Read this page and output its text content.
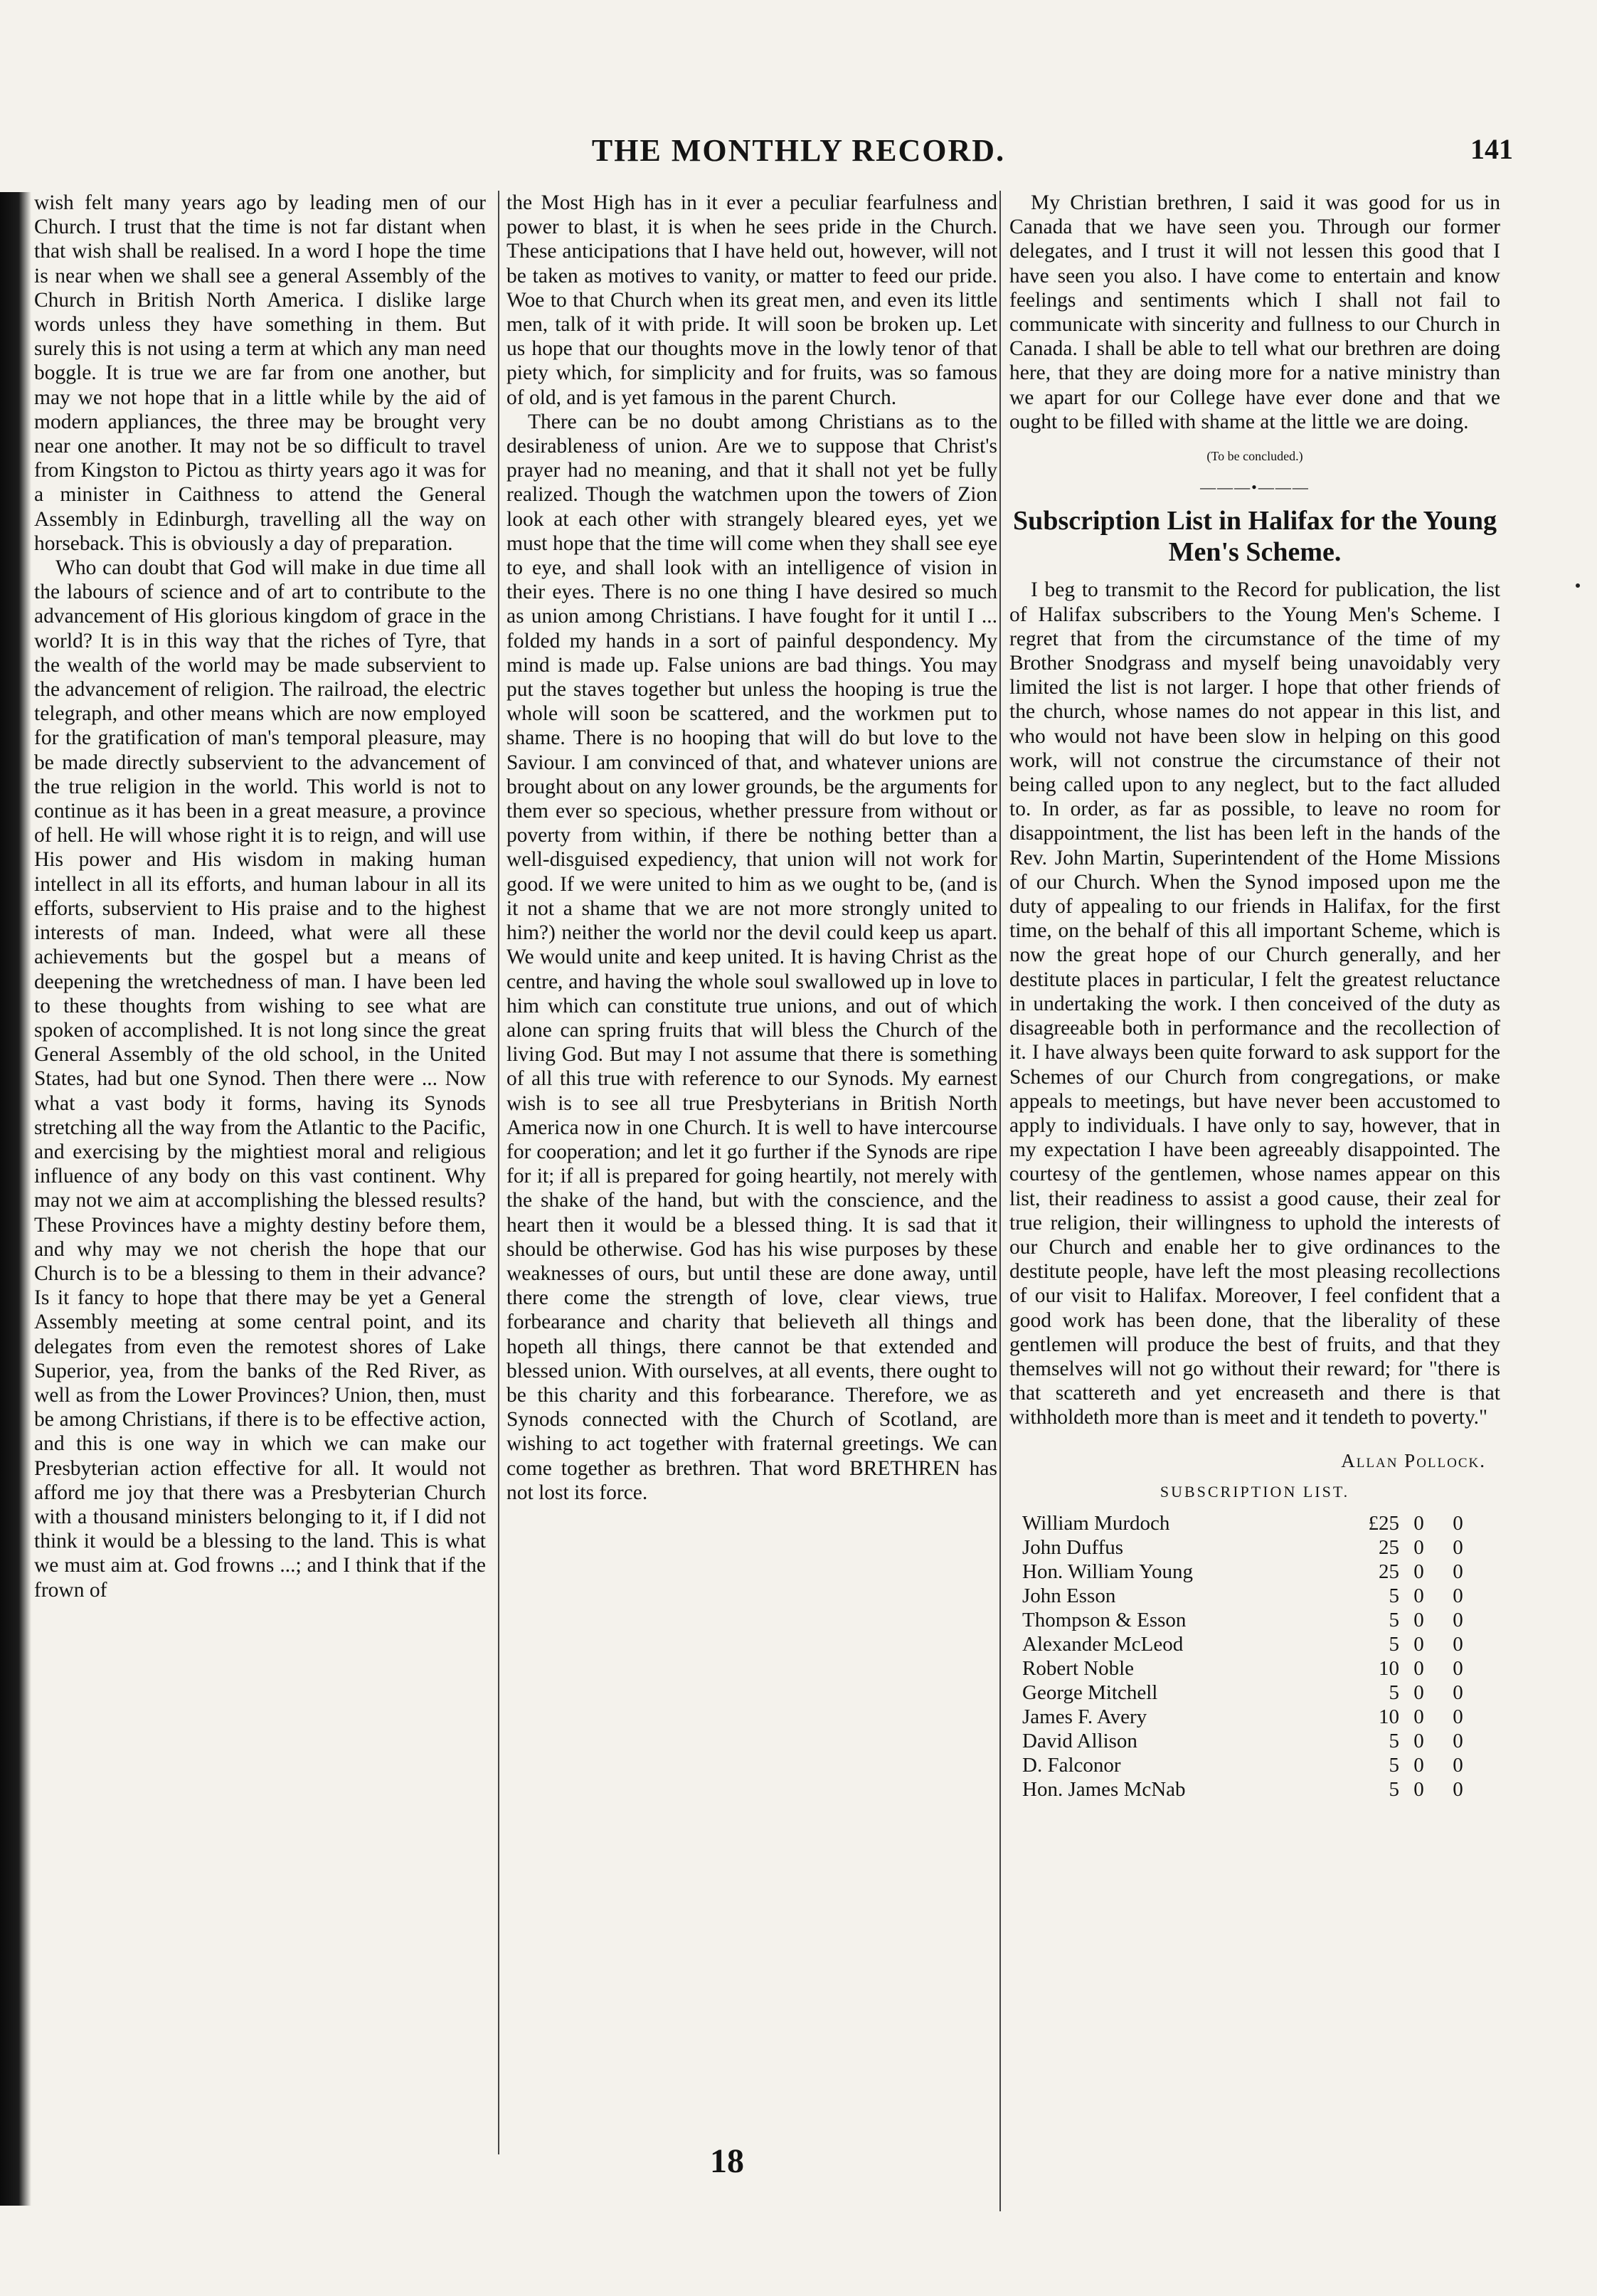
THE MONTHLY RECORD.	141

wish felt many years ago by leading men of our Church. I trust that the time is not far distant when that wish shall be realised. In a word I hope the time is near when we shall see a general Assembly of the Church in British North America. I dislike large words unless they have something in them. But surely this is not using a term at which any man need boggle. It is true we are far from one another, but may we not hope that in a little while by the aid of modern appliances, the three may be brought very near one another. It may not be so difficult to travel from Kingston to Pictou as thirty years ago it was for a minister in Caithness to attend the General Assembly in Edinburgh, travelling all the way on horseback. This is obviously a day of preparation.

Who can doubt that God will make in due time all the labours of science and of art to contribute to the advancement of His glorious kingdom of grace in the world? It is in this way that the riches of Tyre, that the wealth of the world may be made subservient to the advancement of religion. The railroad, the electric telegraph, and other means which are now employed for the gratification of man's temporal pleasure, may be made directly subservient to the advancement of the true religion in the world. This world is not to continue as it has been in a great measure, a province of hell. He will whose right it is to reign, and will use His power and His wisdom in making human intellect in all its efforts, and human labour in all its efforts, subservient to His praise and to the highest interests of man. Indeed, what were all these achievements but the gospel but a means of deepening the wretchedness of man. I have been led to these thoughts from wishing to see what are spoken of accomplished. It is not long since the great General Assembly of the old school, in the United States, had but one Synod. Then there were ... Now what a vast body it forms, having its Synods stretching all the way from the Atlantic to the Pacific, and exercising by the mightiest moral and religious influence of any body on this vast continent. Why may not we aim at accomplishing the blessed results? These Provinces have a mighty destiny before them, and why may we not cherish the hope that our Church is to be a blessing to them in their advance? Is it fancy to hope that there may be yet a General Assembly meeting at some central point, and its delegates from even the remotest shores of Lake Superior, yea, from the banks of the Red River, as well as from the Lower Provinces? Union, then, must be among Christians, if there is to be effective action, and this is one way in which we can make our Presbyterian action effective for all. It would not afford me joy that there was a Presbyterian Church with a thousand ministers belonging to it, if I did not think it would be a blessing to the land. This is what we must aim at. God frowns ...; and I think that if the frown of

the Most High has in it ever a peculiar fearfulness and power to blast, it is when he sees pride in the Church. These anticipations that I have held out, however, will not be taken as motives to vanity, or matter to feed our pride. Woe to that Church when its great men, and even its little men, talk of it with pride. It will soon be broken up. Let us hope that our thoughts move in the lowly tenor of that piety which, for simplicity and for fruits, was so famous of old, and is yet famous in the parent Church.

There can be no doubt among Christians as to the desirableness of union. Are we to suppose that Christ's prayer had no meaning, and that it shall not yet be fully realized. Though the watchmen upon the towers of Zion look at each other with strangely bleared eyes, yet we must hope that the time will come when they shall see eye to eye, and shall look with an intelligence of vision in their eyes. There is no one thing I have desired so much as union among Christians. I have fought for it until I ... folded my hands in a sort of painful despondency. My mind is made up. False unions are bad things. You may put the staves together but unless the hooping is true the whole will soon be scattered, and the workmen put to shame. There is no hooping that will do but love to the Saviour. I am convinced of that, and whatever unions are brought about on any lower grounds, be the arguments for them ever so specious, whether pressure from without or poverty from within, if there be nothing better than a well-disguised expediency, that union will not work for good. If we were united to him as we ought to be, (and is it not a shame that we are not more strongly united to him?) neither the world nor the devil could keep us apart. We would unite and keep united. It is having Christ as the centre, and having the whole soul swallowed up in love to him which can constitute true unions, and out of which alone can spring fruits that will bless the Church of the living God. But may I not assume that there is something of all this true with reference to our Synods. My earnest wish is to see all true Presbyterians in British North America now in one Church. It is well to have intercourse for cooperation; and let it go further if the Synods are ripe for it; if all is prepared for going heartily, not merely with the shake of the hand, but with the conscience, and the heart then it would be a blessed thing. It is sad that it should be otherwise. God has his wise purposes by these weaknesses of ours, but until these are done away, until there come the strength of love, clear views, true forbearance and charity that believeth all things and hopeth all things, there cannot be that extended and blessed union. With ourselves, at all events, there ought to be this charity and this forbearance. Therefore, we as Synods connected with the Church of Scotland, are wishing to act together with fraternal greetings. We can come together as brethren. That word BRETHREN has not lost its force.

My Christian brethren, I said it was good for us in Canada that we have seen you. Through our former delegates, and I trust it will not lessen this good that I have seen you also. I have come to entertain and know feelings and sentiments which I shall not fail to communicate with sincerity and fullness to our Church in Canada. I shall be able to tell what our brethren are doing here, that they are doing more for a native ministry than we apart for our College have ever done and that we ought to be filled with shame at the little we are doing.

(To be concluded.)
———•———
Subscription List in Halifax for the Young Men's Scheme.

I beg to transmit to the Record for publication, the list of Halifax subscribers to the Young Men's Scheme. I regret that from the circumstance of the time of my Brother Snodgrass and myself being unavoidably very limited the list is not larger. I hope that other friends of the church, whose names do not appear in this list, and who would not have been slow in helping on this good work, will not construe the circumstance of their not being called upon to any neglect, but to the fact alluded to. In order, as far as possible, to leave no room for disappointment, the list has been left in the hands of the Rev. John Martin, Superintendent of the Home Missions of our Church. When the Synod imposed upon me the duty of appealing to our friends in Halifax, for the first time, on the behalf of this all important Scheme, which is now the great hope of our Church generally, and her destitute places in particular, I felt the greatest reluctance in undertaking the work. I then conceived of the duty as disagreeable both in performance and the recollection of it. I have always been quite forward to ask support for the Schemes of our Church from congregations, or make appeals to meetings, but have never been accustomed to apply to individuals. I have only to say, however, that in my expectation I have been agreeably disappointed. The courtesy of the gentlemen, whose names appear on this list, their readiness to assist a good cause, their zeal for true religion, their willingness to uphold the interests of our Church and enable her to give ordinances to the destitute people, have left the most pleasing recollections of our visit to Halifax. Moreover, I feel confident that a good work has been done, that the liberality of these gentlemen will produce the best of fruits, and that they themselves will not go without their reward; for "there is that scattereth and yet encreaseth and there is that withholdeth more than is meet and it tendeth to poverty."

Allan Pollock.
SUBSCRIPTION LIST.
William Murdoch	£25	0	0
John Duffus	25	0	0
Hon. William Young	25	0	0
John Esson	5	0	0
Thompson & Esson	5	0	0
Alexander McLeod	5	0	0
Robert Noble	10	0	0
George Mitchell	5	0	0
James F. Avery	10	0	0
David Allison	5	0	0
D. Falconor	5	0	0
Hon. James McNab	5	0	0
18
